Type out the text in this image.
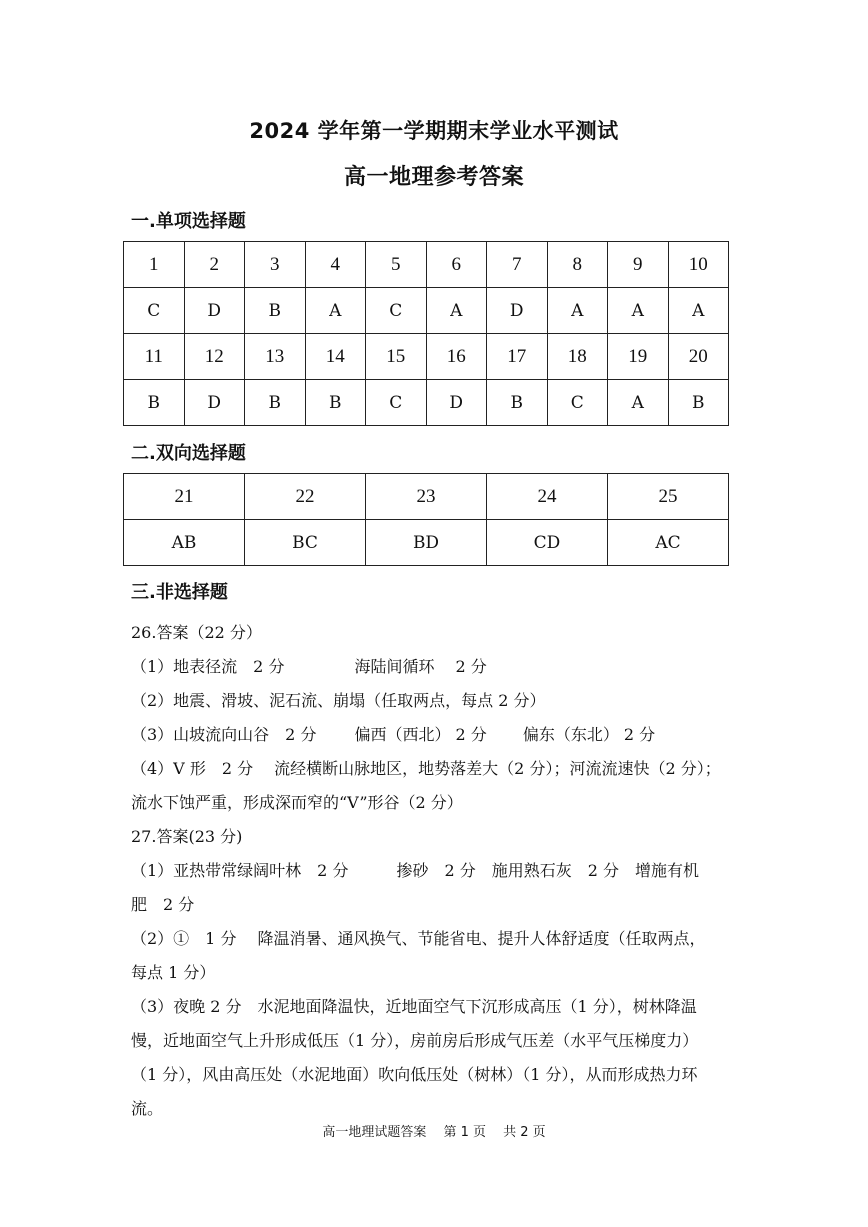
2024 学年第一学期期末学业水平测试
高一地理参考答案
一.单项选择题
1	2	3	4	5	6	7	8	9	10
C	D	B	A	C	A	D	A	A	A
11	12	13	14	15	16	17	18	19	20
B	D	B	B	C	D	B	C	A	B
二.双向选择题
21	22	23	24	25
AB	BC	BD	CD	AC
三.非选择题
26.答案（22 分）
（1）地表径流　2 分	海陆间循环　 2 分
（2）地震、滑坡、泥石流、崩塌（任取两点，每点 2 分）
（3）山坡流向山谷　2 分 偏西（西北） 2 分 偏东（东北） 2 分
（4）V 形　2 分　 流经横断山脉地区，地势落差大（2 分）；河流流速快（2 分）；
流水下蚀严重，形成深而窄的“V”形谷（2 分）
27.答案(23 分)
（1）亚热带常绿阔叶林　2 分　　　掺砂　2 分　施用熟石灰　2 分　增施有机
肥　2 分
（2）①　1 分　 降温消暑、通风换气、节能省电、提升人体舒适度（任取两点，
每点 1 分）
（3）夜晚 2 分　水泥地面降温快，近地面空气下沉形成高压（1 分），树林降温
慢，近地面空气上升形成低压（1 分），房前房后形成气压差（水平气压梯度力）
（1 分），风由高压处（水泥地面）吹向低压处（树林）（1 分），从而形成热力环
流。
高一地理试题答案　 第 1 页　 共 2 页
